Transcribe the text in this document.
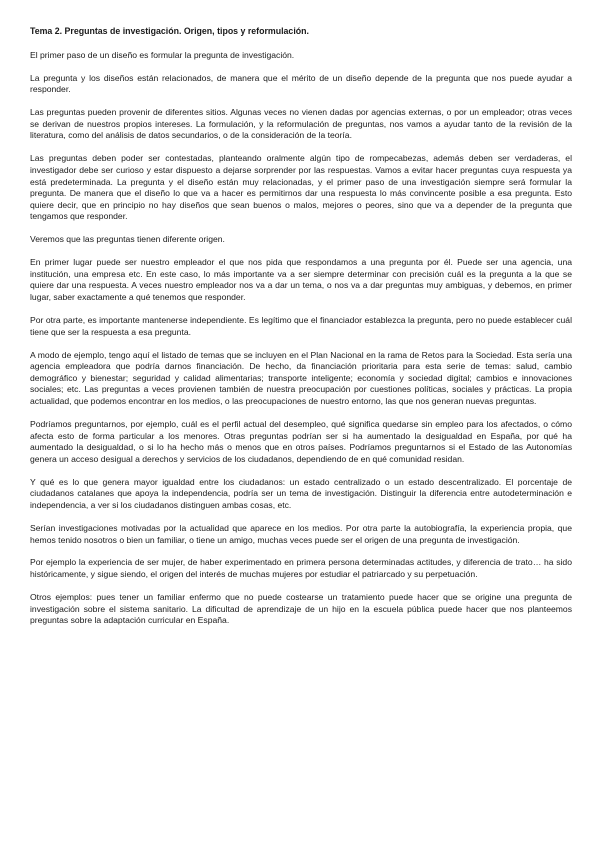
Tema 2. Preguntas de investigación. Origen, tipos y reformulación.

El primer paso de un diseño es formular la pregunta de investigación.

La pregunta y los diseños están relacionados, de manera que el mérito de un diseño depende de la pregunta que nos puede ayudar a responder.

Las preguntas pueden provenir de diferentes sitios. Algunas veces no vienen dadas por agencias externas, o por un empleador; otras veces se derivan de nuestros propios intereses. La formulación, y la reformulación de preguntas, nos vamos a ayudar tanto de la revisión de la literatura, como del análisis de datos secundarios, o de la consideración de la teoría.

Las preguntas deben poder ser contestadas, planteando oralmente algún tipo de rompecabezas, además deben ser verdaderas, el investigador debe ser curioso y estar dispuesto a dejarse sorprender por las respuestas. Vamos a evitar hacer preguntas cuya respuesta ya está predeterminada. La pregunta y el diseño están muy relacionadas, y el primer paso de una investigación siempre será formular la pregunta. De manera que el diseño lo que va a hacer es permitirnos dar una respuesta lo más convincente posible a esa pregunta. Esto quiere decir, que en principio no hay diseños que sean buenos o malos, mejores o peores, sino que va a depender de la pregunta que tengamos que responder.

Veremos que las preguntas tienen diferente origen.

En primer lugar puede ser nuestro empleador el que nos pida que respondamos a una pregunta por él. Puede ser una agencia, una institución, una empresa etc. En este caso, lo más importante va a ser siempre determinar con precisión cuál es la pregunta a la que se quiere dar una respuesta. A veces nuestro empleador nos va a dar un tema, o nos va a dar preguntas muy ambiguas, y debemos, en primer lugar, saber exactamente a qué tenemos que responder.

Por otra parte, es importante mantenerse independiente. Es legítimo que el financiador establezca la pregunta, pero no puede establecer cuál tiene que ser la respuesta a esa pregunta.

A modo de ejemplo, tengo aquí el listado de temas que se incluyen en el Plan Nacional en la rama de Retos para la Sociedad. Esta sería una agencia empleadora que podría darnos financiación. De hecho, da financiación prioritaria para esta serie de temas: salud, cambio demográfico y bienestar; seguridad y calidad alimentarias; transporte inteligente; economía y sociedad digital; cambios e innovaciones sociales; etc. Las preguntas a veces provienen también de nuestra preocupación por cuestiones políticas, sociales y prácticas. La propia actualidad, que podemos encontrar en los medios, o las preocupaciones de nuestro entorno, las que nos generan nuevas preguntas.

Podríamos preguntarnos, por ejemplo, cuál es el perfil actual del desempleo, qué significa quedarse sin empleo para los afectados, o cómo afecta esto de forma particular a los menores. Otras preguntas podrían ser si ha aumentado la desigualdad en España, por qué ha aumentado la desigualdad, o si lo ha hecho más o menos que en otros países. Podríamos preguntarnos si el Estado de las Autonomías genera un acceso desigual a derechos y servicios de los ciudadanos, dependiendo de en qué comunidad residan.

Y qué es lo que genera mayor igualdad entre los ciudadanos: un estado centralizado o un estado descentralizado. El porcentaje de ciudadanos catalanes que apoya la independencia, podría ser un tema de investigación. Distinguir la diferencia entre autodeterminación e independencia, a ver si los ciudadanos distinguen ambas cosas, etc.

Serían investigaciones motivadas por la actualidad que aparece en los medios. Por otra parte la autobiografía, la experiencia propia, que hemos tenido nosotros o bien un familiar, o tiene un amigo, muchas veces puede ser el origen de una pregunta de investigación.

Por ejemplo la experiencia de ser mujer, de haber experimentado en primera persona determinadas actitudes, y diferencia de trato… ha sido históricamente, y sigue siendo, el origen del interés de muchas mujeres por estudiar el patriarcado y su perpetuación.

Otros ejemplos: pues tener un familiar enfermo que no puede costearse un tratamiento puede hacer que se origine una pregunta de investigación sobre el sistema sanitario. La dificultad de aprendizaje de un hijo en la escuela pública puede hacer que nos planteemos preguntas sobre la adaptación curricular en España.
